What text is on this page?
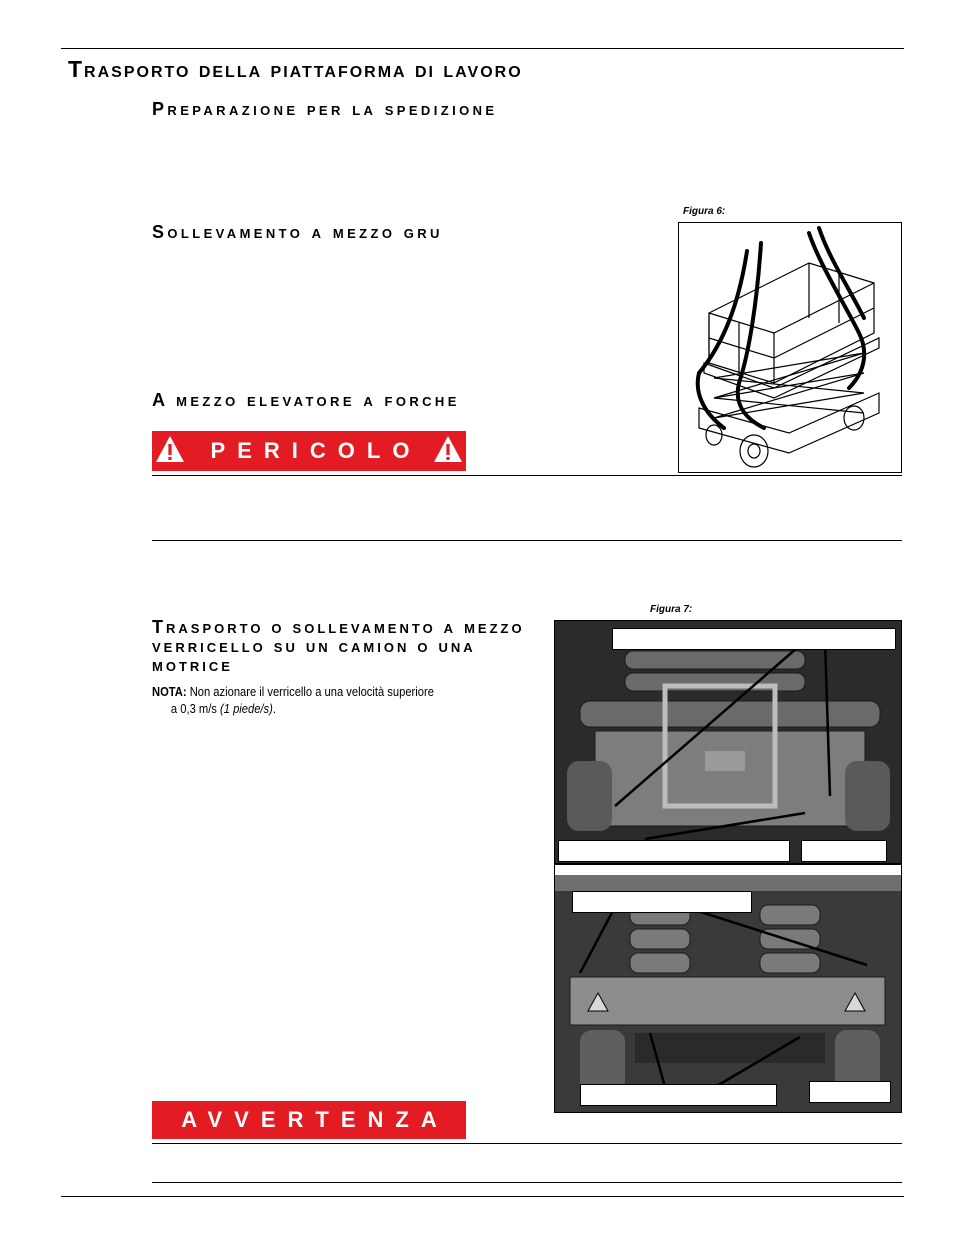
Trasporto della piattaforma di lavoro
Preparazione per la spedizione
Sollevamento a mezzo gru
A mezzo elevatore a forche
Trasporto o sollevamento a mezzo verricello su un camion o una motrice
Figura 6:
PERICOLO
NOTA: Non azionare il verricello a una velocità superiore
a 0,3 m/s (1 piede/s).
Figura 7:
AVVERTENZA
